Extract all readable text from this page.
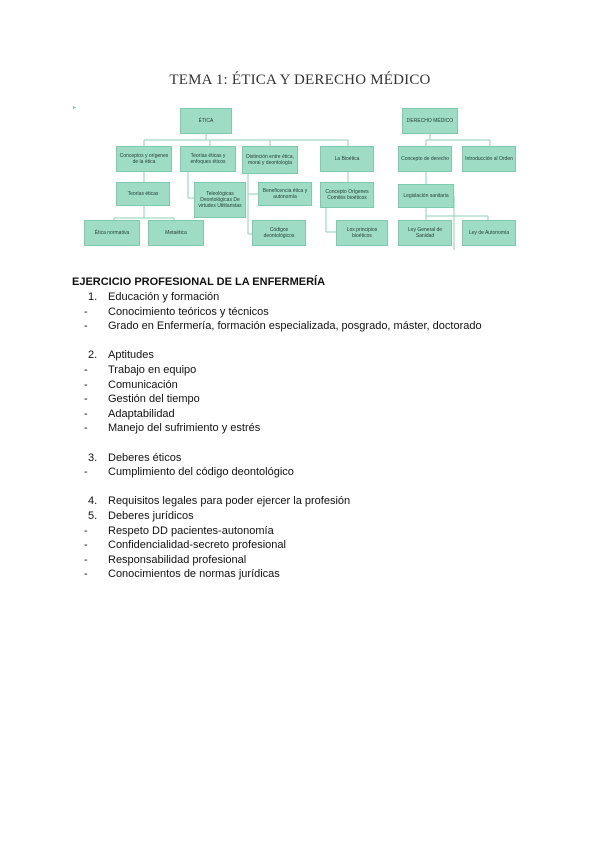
TEMA 1: ÉTICA Y DERECHO MÉDICO
▸
ÉTICA
Conceptos y orígenes de la ética
Teorías éticas y enfoques éticos
Distinción entre ética, moral y deontología
La Bioética
Teorías éticas	Teleológicas Deontológicas De virtudes Utilitaristas
Beneficencia ética y autonomía
Concepto Orígenes Comités bioéticos
Ética normativa	Metaética	Códigos deontológicos
Los principios bioéticos
DERECHO MÉDICO
Concepto de derecho	Introducción al Orden
Legislación sanitaria
Ley General de Sanidad	Ley de Autonomía
EJERCICIO PROFESIONAL DE LA ENFERMERÍA
1. Educación y formación
-	Conocimiento teóricos y técnicos
-	Grado en Enfermería, formación especializada, posgrado, máster, doctorado
2. Aptitudes
-	Trabajo en equipo
-	Comunicación
-	Gestión del tiempo
-	Adaptabilidad
-	Manejo del sufrimiento y estrés
3. Deberes éticos
-	Cumplimiento del código deontológico
4. Requisitos legales para poder ejercer la profesión
5. Deberes jurídicos
-	Respeto DD pacientes-autonomía
-	Confidencialidad-secreto profesional
-	Responsabilidad profesional
-	Conocimientos de normas jurídicas
